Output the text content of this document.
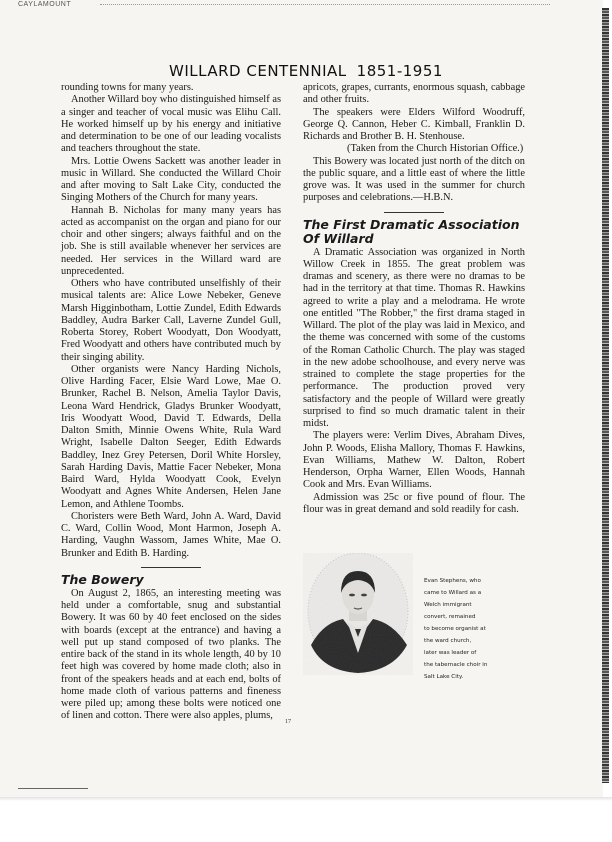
CAYLAMOUNT
WILLARD CENTENNIAL 1851-1951

rounding towns for many years.

Another Willard boy who distinguished himself as a singer and teacher of vocal music was Elihu Call. He worked himself up by his energy and initiative and determination to be one of our leading vocalists and teachers throughout the state.

Mrs. Lottie Owens Sackett was another leader in music in Willard. She conducted the Willard Choir and after moving to Salt Lake City, conducted the Singing Mothers of the Church for many years.

Hannah B. Nicholas for many many years has acted as accompanist on the organ and piano for our choir and other singers; always faithful and on the job. She is still available whenever her services are needed. Her services in the Willard ward are unprecedented.

Others who have contributed unselfishly of their musical talents are: Alice Lowe Nebeker, Geneve Marsh Higginbotham, Lottie Zundel, Edith Edwards Baddley, Audra Barker Call, Laverne Zundel Gull, Roberta Storey, Robert Woodyatt, Don Woodyatt, Fred Woodyatt and others have contributed much by their singing ability.

Other organists were Nancy Harding Nichols, Olive Harding Facer, Elsie Ward Lowe, Mae O. Brunker, Rachel B. Nelson, Amelia Taylor Davis, Leona Ward Hendrick, Gladys Brunker Woodyatt, Iris Woodyatt Wood, David T. Edwards, Della Dalton Smith, Minnie Owens White, Rula Ward Wright, Isabelle Dalton Seeger, Edith Edwards Baddley, Inez Grey Petersen, Doril White Horsley, Sarah Harding Davis, Mattie Facer Nebeker, Mona Baird Ward, Hylda Woodyatt Cook, Evelyn Woodyatt and Agnes White Andersen, Helen Jane Lemon, and Athlene Toombs.

Choristers were Beth Ward, John A. Ward, David C. Ward, Collin Wood, Mont Harmon, Joseph A. Harding, Vaughn Wassom, James White, Mae O. Brunker and Edith B. Harding.

The Bowery

On August 2, 1865, an interesting meeting was held under a comfortable, snug and substantial Bowery. It was 60 by 40 feet enclosed on the sides with boards (except at the entrance) and having a well put up stand composed of two planks. The entire back of the stand in its whole length, 40 by 10 feet high was covered by home made cloth; also in front of the speakers heads and at each end, bolts of home made cloth of various patterns and fineness were piled up; among these bolts were noticed one of linen and cotton. There were also apples, plums,

apricots, grapes, currants, enormous squash, cabbage and other fruits.

The speakers were Elders Wilford Woodruff, George Q. Cannon, Heber C. Kimball, Franklin D. Richards and Brother B. H. Stenhouse.

(Taken from the Church Historian Office.)

This Bowery was located just north of the ditch on the public square, and a little east of where the little grove was. It was used in the summer for church purposes and celebrations.—H.B.N.

The First Dramatic Association Of Willard

A Dramatic Association was organized in North Willow Creek in 1855. The great problem was dramas and scenery, as there were no dramas to be had in the territory at that time. Thomas R. Hawkins agreed to write a play and a melodrama. He wrote one entitled "The Robber," the first drama staged in Willard. The plot of the play was laid in Mexico, and the theme was concerned with some of the customs of the Roman Catholic Church. The play was staged in the new adobe schoolhouse, and every nerve was strained to complete the stage properties for the performance. The production proved very satisfactory and the people of Willard were greatly surprised to find so much dramatic talent in their midst.

The players were: Verlim Dives, Abraham Dives, John P. Woods, Elisha Mallory, Thomas F. Hawkins, Evan Williams, Mathew W. Dalton, Robert Henderson, Orpha Warner, Ellen Woods, Hannah Cook and Mrs. Evan Williams.

Admission was 25c or five pound of flour. The flour was in great demand and sold readily for cash.

Evan Stephens, who
came to Willard as a
Welch immigrant
convert, remained
to become organist at
the ward church,
later was leader of
the tabernacle choir in
Salt Lake City.
17
